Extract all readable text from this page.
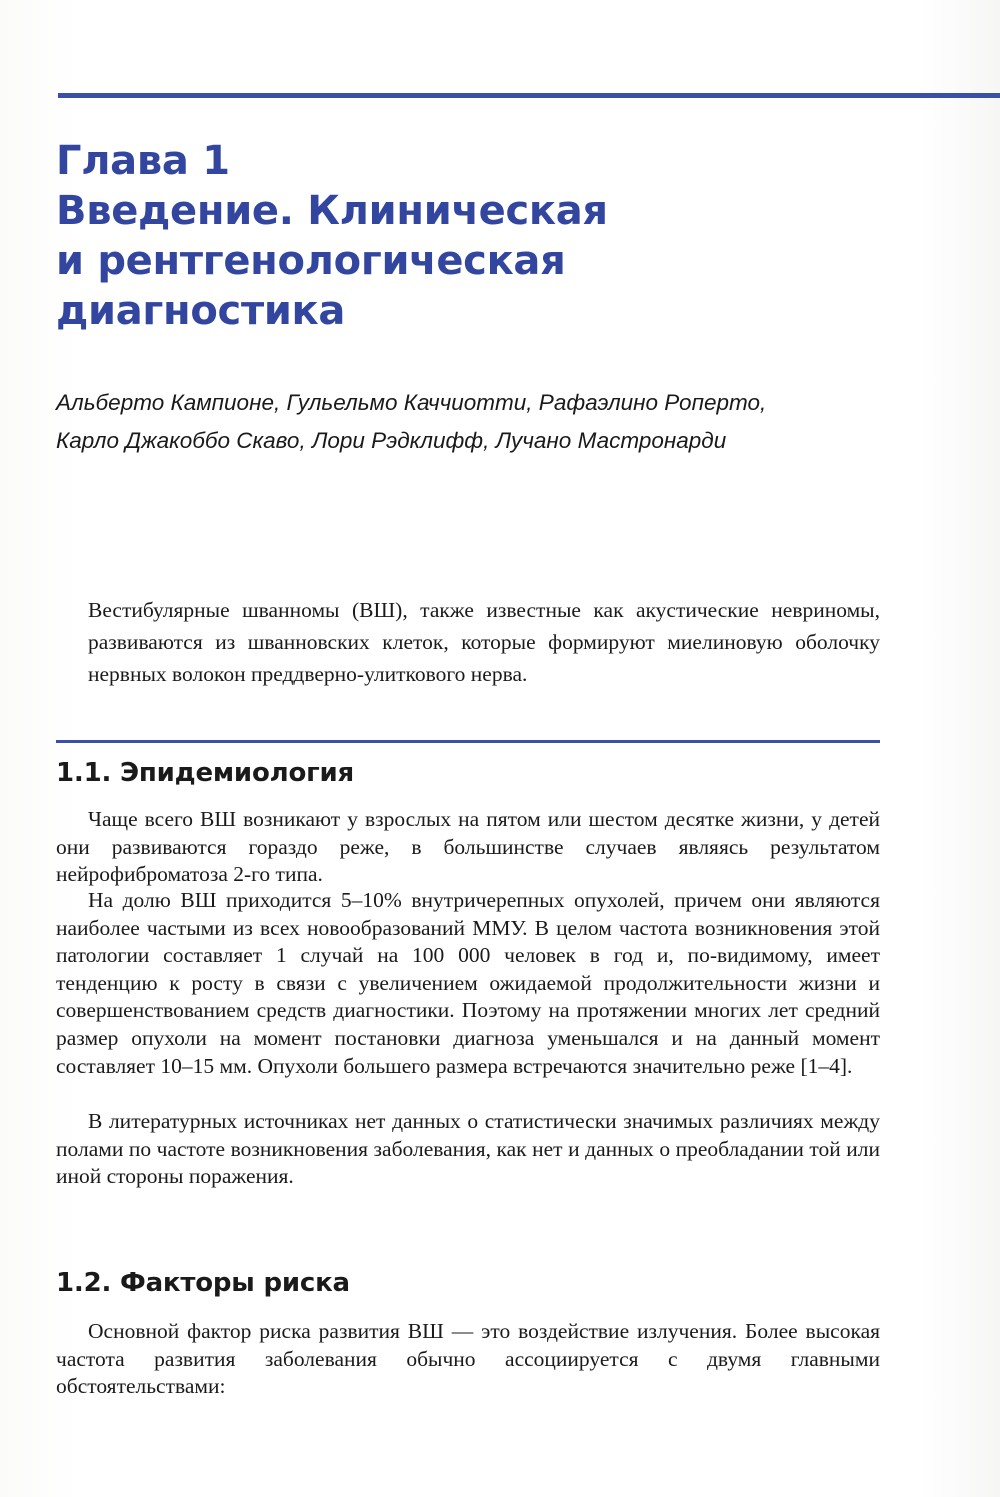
Глава 1
Введение. Клиническая
и рентгенологическая
диагностика
Альберто Кампионе, Гульельмо Каччиотти, Рафаэлино Роперто,
Карло Джакоббо Скаво, Лори Рэдклифф, Лучано Мастронарди

Вестибулярные шванномы (ВШ), также известные как акустические невриномы, развиваются из шванновских клеток, которые формируют миелиновую оболочку нервных волокон преддверно-улиткового нерва.

1.1. Эпидемиология

Чаще всего ВШ возникают у взрослых на пятом или шестом десятке жизни, у детей они развиваются гораздо реже, в большинстве случаев являясь результатом нейрофиброматоза 2-го типа.

На долю ВШ приходится 5–10% внутричерепных опухолей, причем они являются наиболее частыми из всех новообразований ММУ. В целом частота возникновения этой патологии составляет 1 случай на 100 000 человек в год и, по-видимому, имеет тенденцию к росту в связи с увеличением ожидаемой продолжительности жизни и совершенствованием средств диагностики. Поэтому на протяжении многих лет средний размер опухоли на момент постановки диагноза уменьшался и на данный момент составляет 10–15 мм. Опухоли большего размера встречаются значительно реже [1–4].

В литературных источниках нет данных о статистически значимых различиях между полами по частоте возникновения заболевания, как нет и данных о преобладании той или иной стороны поражения.

1.2. Факторы риска

Основной фактор риска развития ВШ — это воздействие излучения. Более высокая частота развития заболевания обычно ассоциируется с двумя главными обстоятельствами:
